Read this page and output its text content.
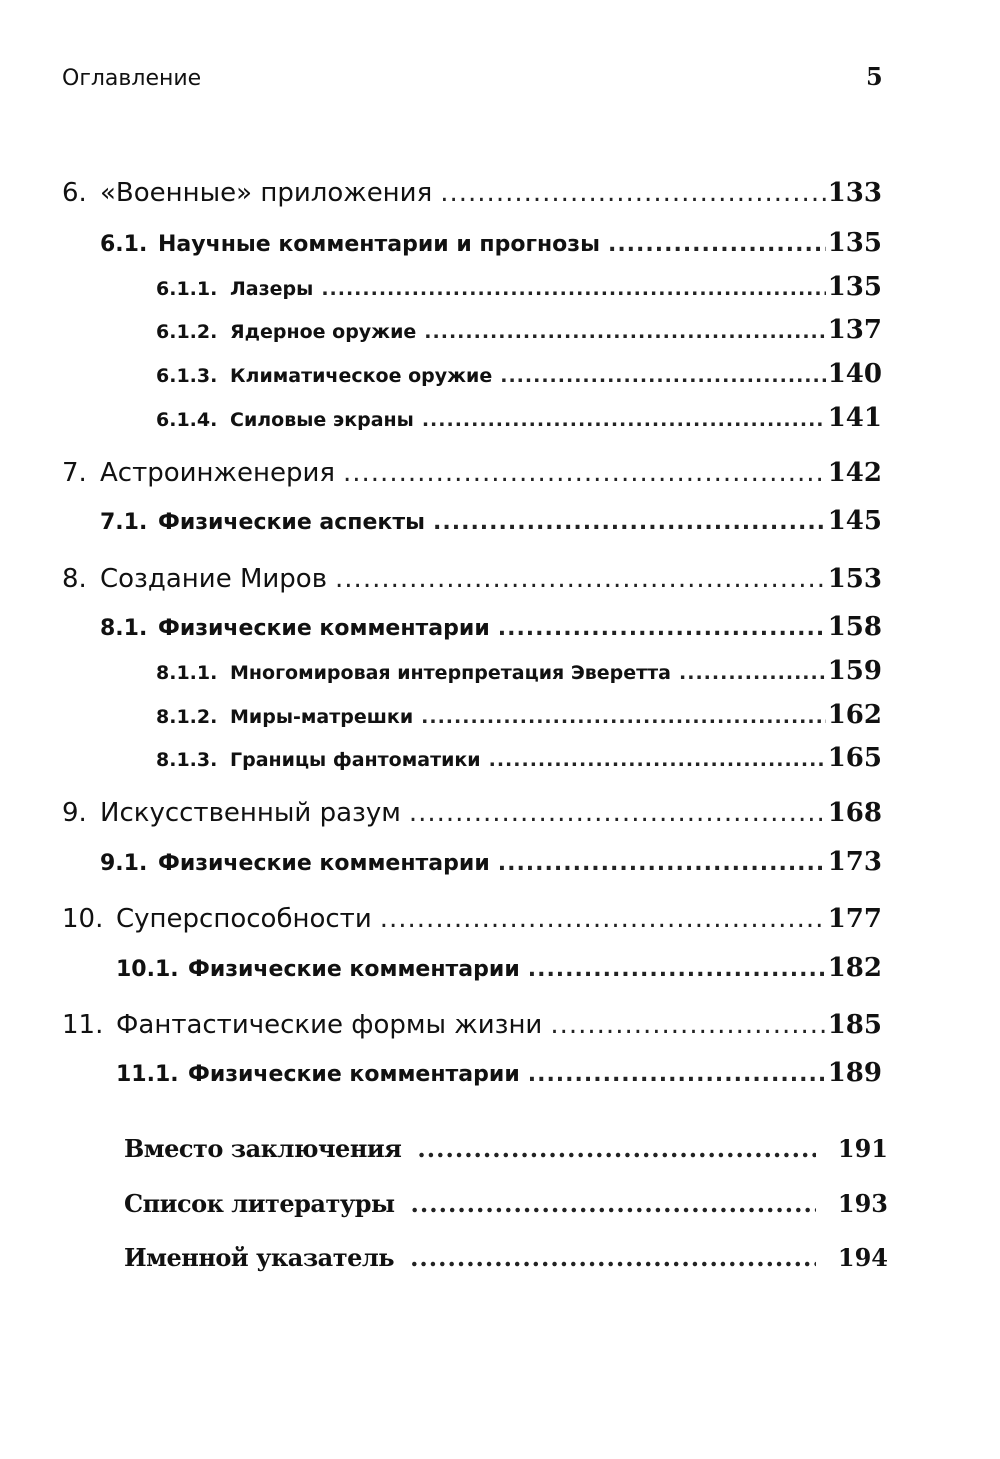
Оглавление	5
6. «Военные» приложения .....	133
6.1. Научные комментарии и прогнозы .....	135
6.1.1. Лазеры .....	135
6.1.2. Ядерное оружие .....	137
6.1.3. Климатическое оружие .....	140
6.1.4. Силовые экраны .....	141
7. Астроинженерия .....	142
7.1. Физические аспекты .....	145
8. Создание Миров .....	153
8.1. Физические комментарии .....	158
8.1.1. Многомировая интерпретация Эверетта .....	159
8.1.2. Миры-матрешки .....	162
8.1.3. Границы фантоматики .....	165
9. Искусственный разум .....	168
9.1. Физические комментарии .....	173
10. Суперспособности .....	177
10.1. Физические комментарии .....	182
11. Фантастические формы жизни .....	185
11.1. Физические комментарии .....	189
Вместо заключения .....	191
Список литературы .....	193
Именной указатель .....	194
